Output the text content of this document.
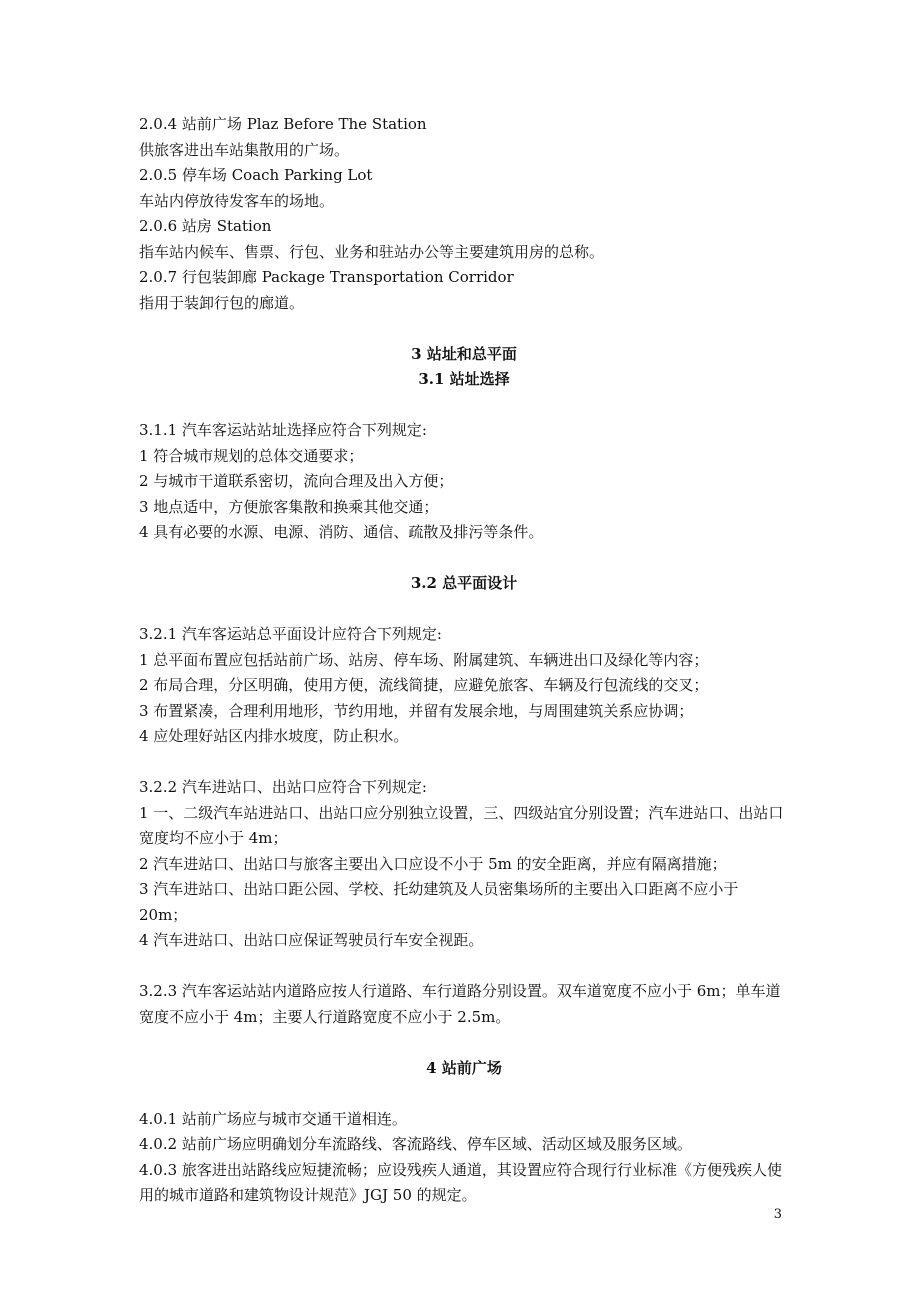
2.0.4 站前广场 Plaz Before The Station
供旅客进出车站集散用的广场。
2.0.5 停车场 Coach Parking Lot
车站内停放待发客车的场地。
2.0.6 站房 Station
指车站内候车、售票、行包、业务和驻站办公等主要建筑用房的总称。
2.0.7 行包装卸廊 Package Transportation Corridor
指用于装卸行包的廊道。
3 站址和总平面
3.1 站址选择
3.1.1 汽车客运站站址选择应符合下列规定:
1 符合城市规划的总体交通要求；
2 与城市干道联系密切，流向合理及出入方便；
3 地点适中，方便旅客集散和换乘其他交通；
4 具有必要的水源、电源、消防、通信、疏散及排污等条件。
3.2 总平面设计
3.2.1 汽车客运站总平面设计应符合下列规定:
1 总平面布置应包括站前广场、站房、停车场、附属建筑、车辆进出口及绿化等内容；
2 布局合理，分区明确，使用方便，流线简捷，应避免旅客、车辆及行包流线的交叉；
3 布置紧凑，合理利用地形，节约用地，并留有发展余地，与周围建筑关系应协调；
4 应处理好站区内排水坡度，防止积水。
3.2.2 汽车进站口、出站口应符合下列规定:
1 一、二级汽车站进站口、出站口应分别独立设置，三、四级站宜分别设置；汽车进站口、出站口宽度均不应小于 4m；
2 汽车进站口、出站口与旅客主要出入口应设不小于 5m 的安全距离，并应有隔离措施；
3 汽车进站口、出站口距公园、学校、托幼建筑及人员密集场所的主要出入口距离不应小于 20m；
4 汽车进站口、出站口应保证驾驶员行车安全视距。
3.2.3 汽车客运站站内道路应按人行道路、车行道路分别设置。双车道宽度不应小于 6m；单车道宽度不应小于 4m；主要人行道路宽度不应小于 2.5m。
4 站前广场
4.0.1 站前广场应与城市交通干道相连。
4.0.2 站前广场应明确划分车流路线、客流路线、停车区域、活动区域及服务区域。
4.0.3 旅客进出站路线应短捷流畅；应设残疾人通道，其设置应符合现行行业标准《方便残疾人使用的城市道路和建筑物设计规范》JGJ 50 的规定。
3
